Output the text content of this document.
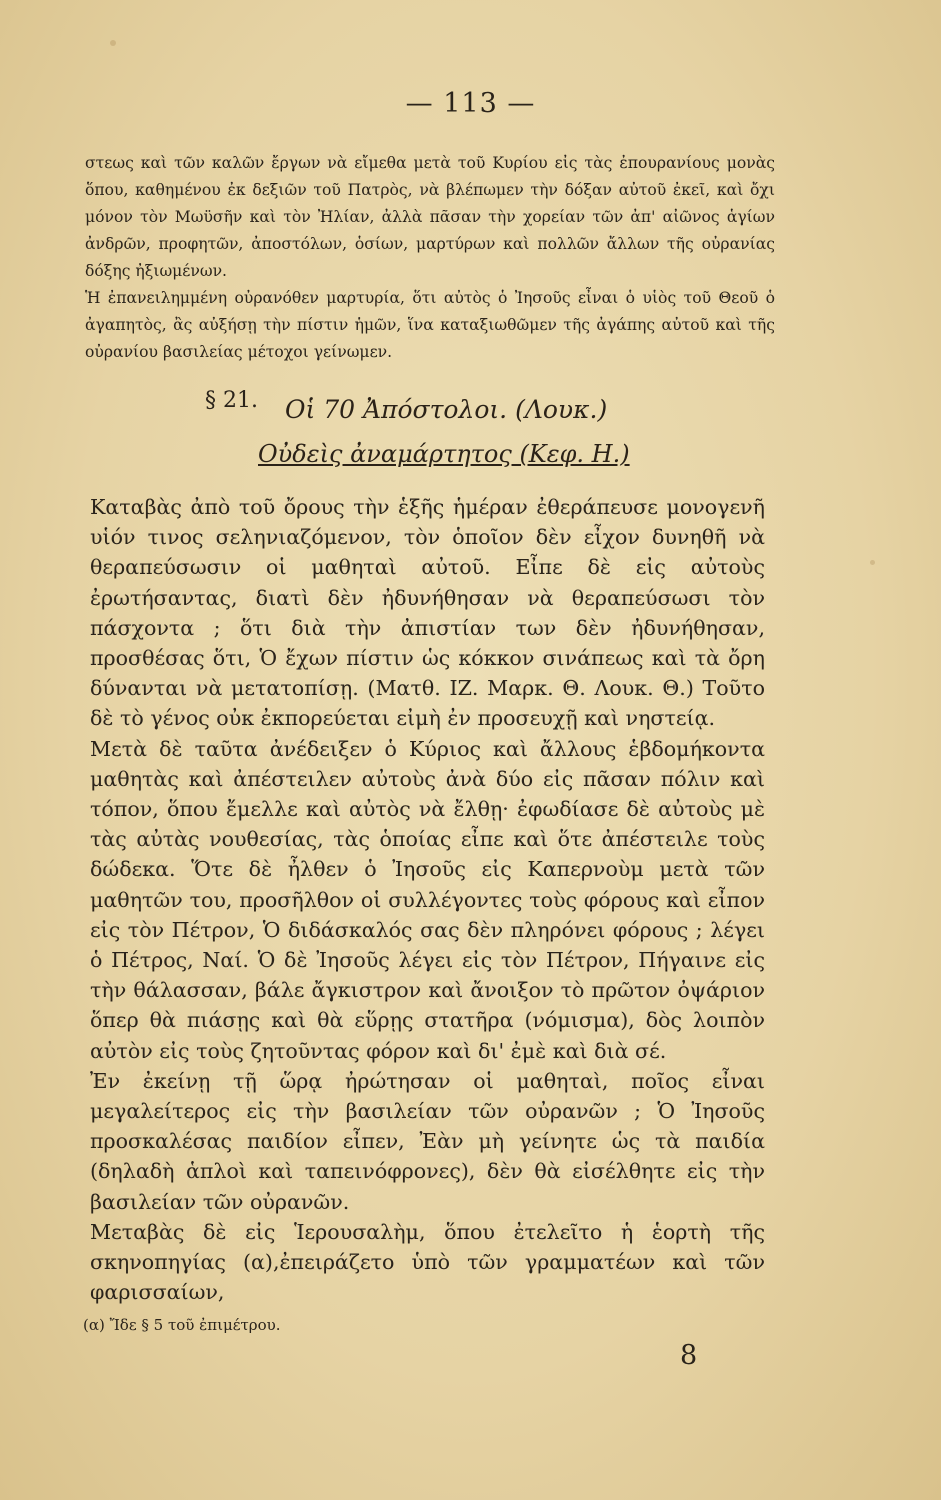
— 113 —

στεως καὶ τῶν καλῶν ἔργων νὰ εἴμεθα μετὰ τοῦ Κυρίου εἰς τὰς ἐπουρανίους μονὰς ὅπου, καθημένου ἐκ δεξιῶν τοῦ Πατρὸς, νὰ βλέπωμεν τὴν δόξαν αὐτοῦ ἐκεῖ, καὶ ὄχι μόνον τὸν Μωϋσῆν καὶ τὸν Ἠλίαν, ἀλλὰ πᾶσαν τὴν χορείαν τῶν ἀπ' αἰῶνος ἁγίων ἀνδρῶν, προφητῶν, ἀποστόλων, ὁσίων, μαρτύρων καὶ πολλῶν ἄλλων τῆς οὐρανίας δόξης ἠξιωμένων.

Ἡ ἐπανειλημμένη οὐρανόθεν μαρτυρία, ὅτι αὐτὸς ὁ Ἰησοῦς εἶναι ὁ υἱὸς τοῦ Θεοῦ ὁ ἀγαπητὸς, ἂς αὐξήσῃ τὴν πίστιν ἡμῶν, ἵνα καταξιωθῶμεν τῆς ἀγάπης αὐτοῦ καὶ τῆς οὐρανίου βασιλείας μέτοχοι γείνωμεν.

§ 21. Οἱ 70 Ἀπόστολοι. (Λουκ.)
Οὐδεὶς ἀναμάρτητος (Κεφ. Η.)

Καταβὰς ἀπὸ τοῦ ὄρους τὴν ἑξῆς ἡμέραν ἐθεράπευσε μονογενῆ υἱόν τινος σεληνιαζόμενον, τὸν ὁποῖον δὲν εἶχον δυνηθῆ νὰ θεραπεύσωσιν οἱ μαθηταὶ αὐτοῦ. Εἶπε δὲ εἰς αὐτοὺς ἐρωτήσαντας, διατὶ δὲν ἠδυνήθησαν νὰ θεραπεύσωσι τὸν πάσχοντα ; ὅτι διὰ τὴν ἀπιστίαν των δὲν ἠδυνήθησαν, προσθέσας ὅτι, Ὁ ἔχων πίστιν ὡς κόκκον σινάπεως καὶ τὰ ὄρη δύνανται νὰ μετατοπίσῃ. (Ματθ. ΙΖ. Μαρκ. Θ. Λουκ. Θ.) Τοῦτο δὲ τὸ γένος οὐκ ἐκπορεύεται εἰμὴ ἐν προσευχῇ καὶ νηστείᾳ.

Μετὰ δὲ ταῦτα ἀνέδειξεν ὁ Κύριος καὶ ἄλλους ἑβδομήκοντα μαθητὰς καὶ ἀπέστειλεν αὐτοὺς ἀνὰ δύο εἰς πᾶσαν πόλιν καὶ τόπον, ὅπου ἔμελλε καὶ αὐτὸς νὰ ἔλθῃ· ἐφωδίασε δὲ αὐτοὺς μὲ τὰς αὐτὰς νουθεσίας, τὰς ὁποίας εἶπε καὶ ὅτε ἀπέστειλε τοὺς δώδεκα. Ὅτε δὲ ἦλθεν ὁ Ἰησοῦς εἰς Καπερνοὺμ μετὰ τῶν μαθητῶν του, προσῆλθον οἱ συλλέγοντες τοὺς φόρους καὶ εἶπον εἰς τὸν Πέτρον, Ὁ διδάσκαλός σας δὲν πληρόνει φόρους ; λέγει ὁ Πέτρος, Ναί. Ὁ δὲ Ἰησοῦς λέγει εἰς τὸν Πέτρον, Πήγαινε εἰς τὴν θάλασσαν, βάλε ἄγκιστρον καὶ ἄνοιξον τὸ πρῶτον ὀψάριον ὅπερ θὰ πιάσῃς καὶ θὰ εὕρῃς στατῆρα (νόμισμα), δὸς λοιπὸν αὐτὸν εἰς τοὺς ζητοῦντας φόρον καὶ δι' ἐμὲ καὶ διὰ σέ.

Ἐν ἐκείνῃ τῇ ὥρᾳ ἠρώτησαν οἱ μαθηταὶ, ποῖος εἶναι μεγαλείτερος εἰς τὴν βασιλείαν τῶν οὐρανῶν ; Ὁ Ἰησοῦς προσκαλέσας παιδίον εἶπεν, Ἐὰν μὴ γείνητε ὡς τὰ παιδία (δηλαδὴ ἁπλοὶ καὶ ταπεινόφρονες), δὲν θὰ εἰσέλθητε εἰς τὴν βασιλείαν τῶν οὐρανῶν.

Μεταβὰς δὲ εἰς Ἱερουσαλὴμ, ὅπου ἐτελεῖτο ἡ ἑορτὴ τῆς σκηνοπηγίας (α),ἐπειράζετο ὑπὸ τῶν γραμματέων καὶ τῶν φαρισσαίων,

(α) Ἴδε § 5 τοῦ ἐπιμέτρου.
8
